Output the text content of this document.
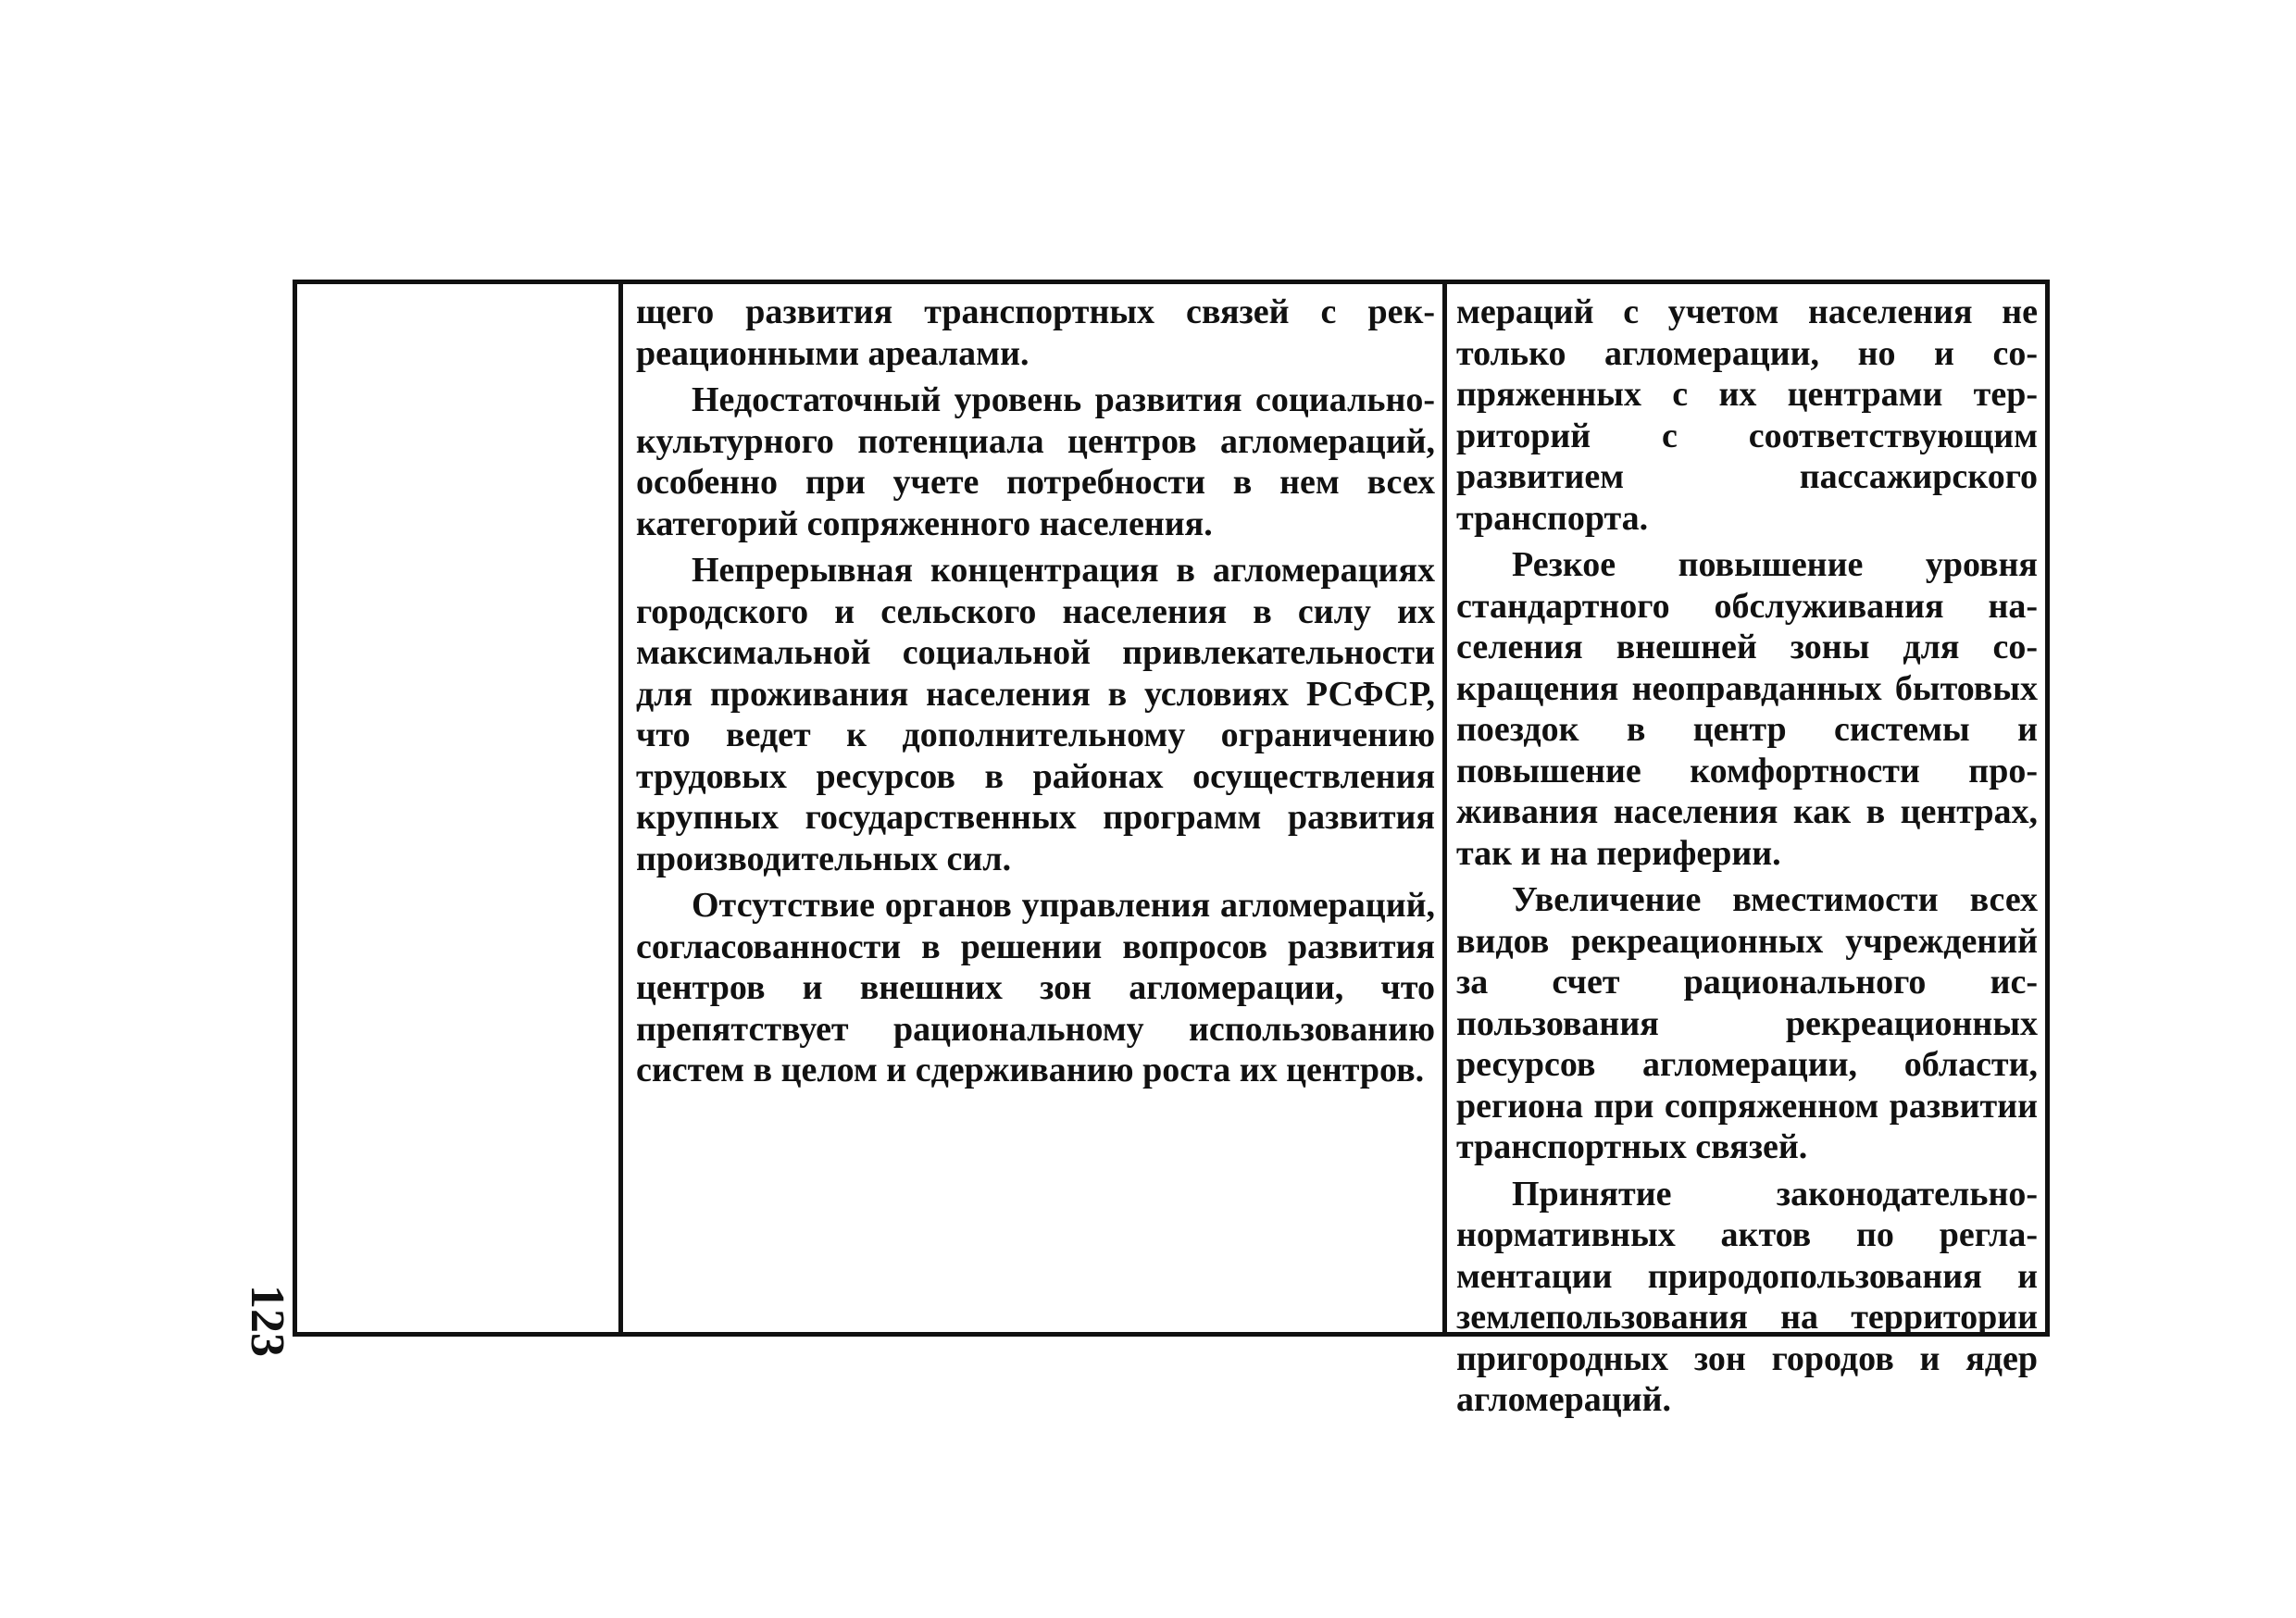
123

щего развития транспортных связей с рекреационными ареалами.

Недостаточный уровень развития социально-культурного потенциала центров агломераций, особенно при учете потребности в нем всех категорий сопряженного населения.

Непрерывная концентрация в агломерациях городского и сельского населения в силу их максимальной социальной привлекательности для проживания населения в условиях РСФСР, что ведет к дополнительному ограничению трудовых ресурсов в районах осуществления крупных государственных программ развития производительных сил.

Отсутствие органов управления агломераций, согласованности в решении вопросов развития центров и внешних зон агломерации, что препятствует рациональному использованию систем в целом и сдерживанию роста их центров.

мераций с учетом населения не только агломерации, но и сопряженных с их центрами территорий с соответствующим развитием пассажирского транспорта.

Резкое повышение уровня стандартного обслуживания населения внешней зоны для сокращения неоправданных бытовых поездок в центр системы и повышение комфортности проживания населения как в центрах, так и на периферии.

Увеличение вместимости всех видов рекреационных учреждений за счет рационального использования рекреационных ресурсов агломерации, области, региона при сопряженном развитии транспортных связей.

Принятие законодательно-нормативных актов по регламентации природопользования и землепользования на территории пригородных зон городов и ядер агломераций.
